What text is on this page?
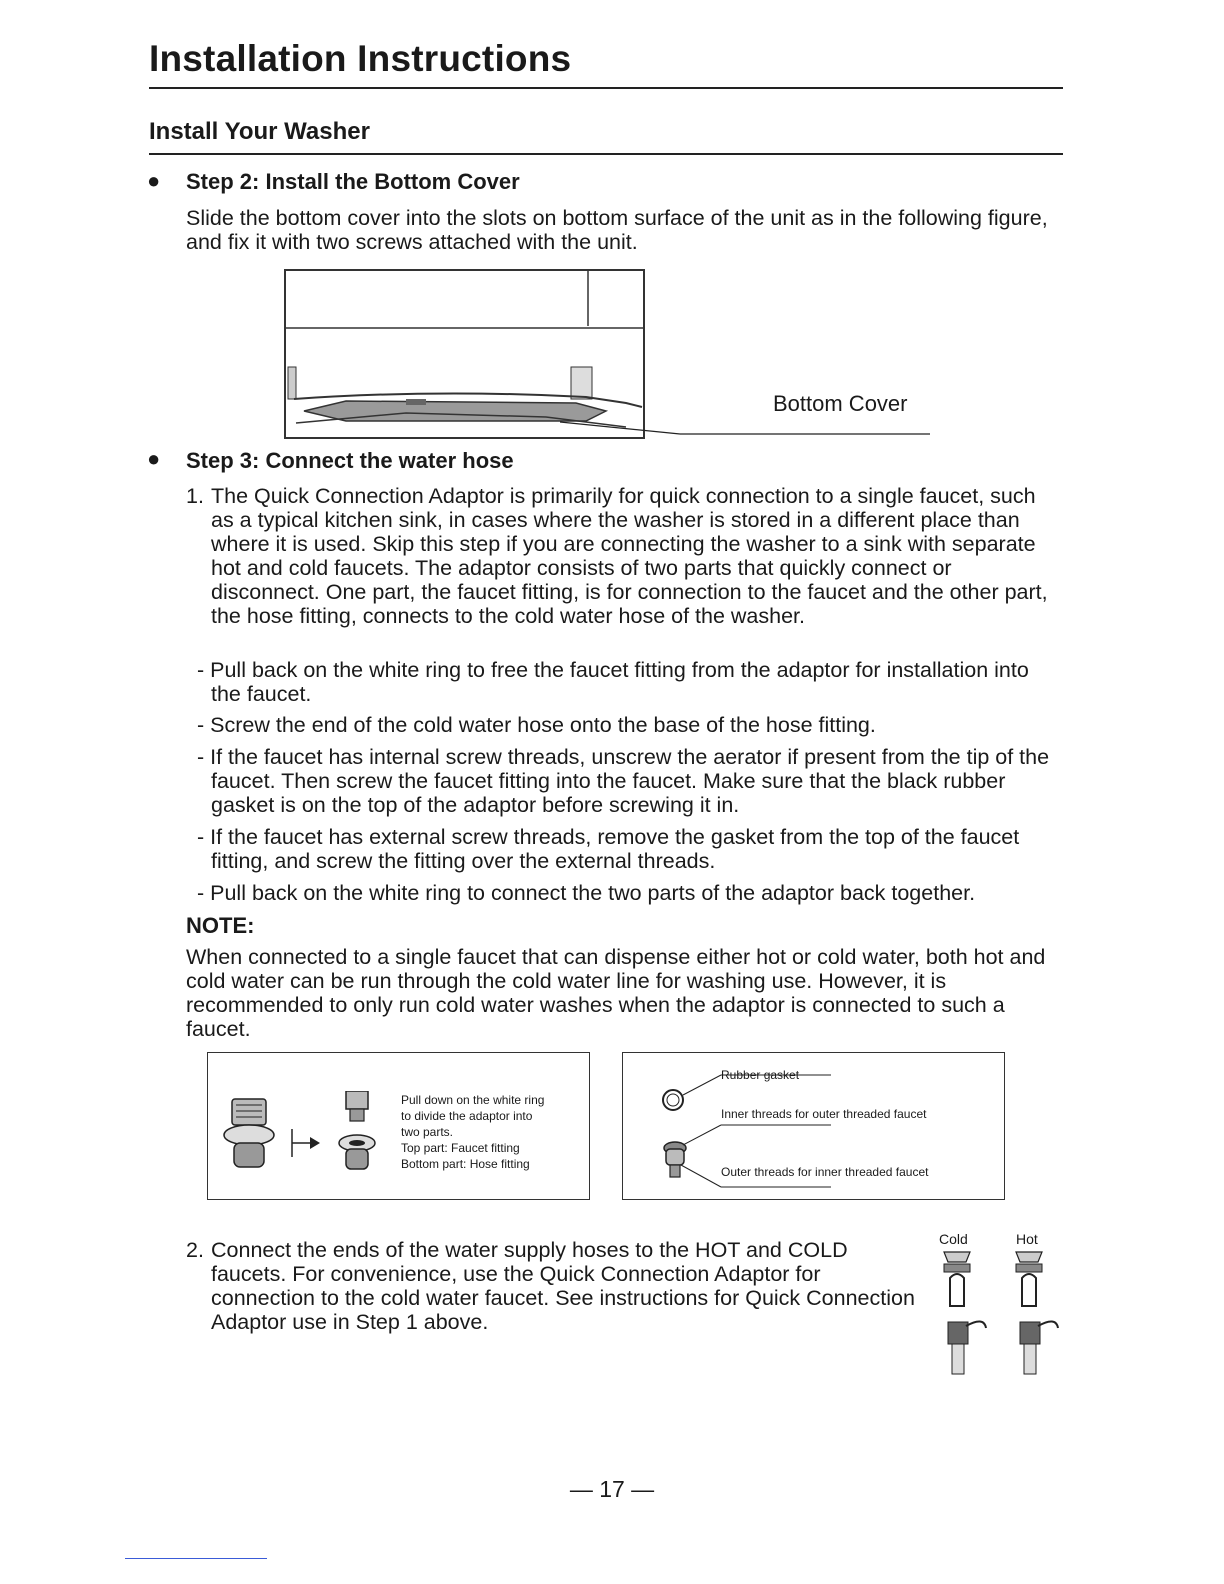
Installation Instructions
Install Your Washer
● Step 2: Install the Bottom Cover

Slide the bottom cover into the slots on bottom surface of the unit as in the following figure, and fix it with two screws attached with the unit.

Bottom Cover
● Step 3: Connect the water hose
1. The Quick Connection Adaptor is primarily for quick connection to a single faucet, such as a typical kitchen sink, in cases where the washer is stored in a different place than where it is used. Skip this step if you are connecting the washer to a sink with separate hot and cold faucets. The adaptor consists of two parts that quickly connect or disconnect. One part, the faucet fitting, is for connection to the faucet and the other part, the hose fitting, connects to the cold water hose of the washer.

- Pull back on the white ring to free the faucet fitting from the adaptor for installation into the faucet.

- Screw the end of the cold water hose onto the base of the hose fitting.

- If the faucet has internal screw threads, unscrew the aerator if present from the tip of the faucet. Then screw the faucet fitting into the faucet. Make sure that the black rubber gasket is on the top of the adaptor before screwing it in.

- If the faucet has external screw threads, remove the gasket from the top of the faucet fitting, and screw the fitting over the external threads.

- Pull back on the white ring to connect the two parts of the adaptor back together.

NOTE:

When connected to a single faucet that can dispense either hot or cold water, both hot and cold water can be run through the cold water line for washing use. However, it is recommended to only run cold water washes when the adaptor is connected to such a faucet.

Pull down on the white ring
to divide the adaptor into
two parts.
Top part: Faucet fitting
Bottom part: Hose fitting
Rubber gasket
Inner threads for outer threaded faucet
Outer threads for inner threaded faucet
2. Connect the ends of the water supply hoses to the HOT and COLD faucets. For convenience, use the Quick Connection Adaptor for connection to the cold water faucet. See instructions for Quick Connection Adaptor use in Step 1 above.

Cold	Hot
— 17 —
